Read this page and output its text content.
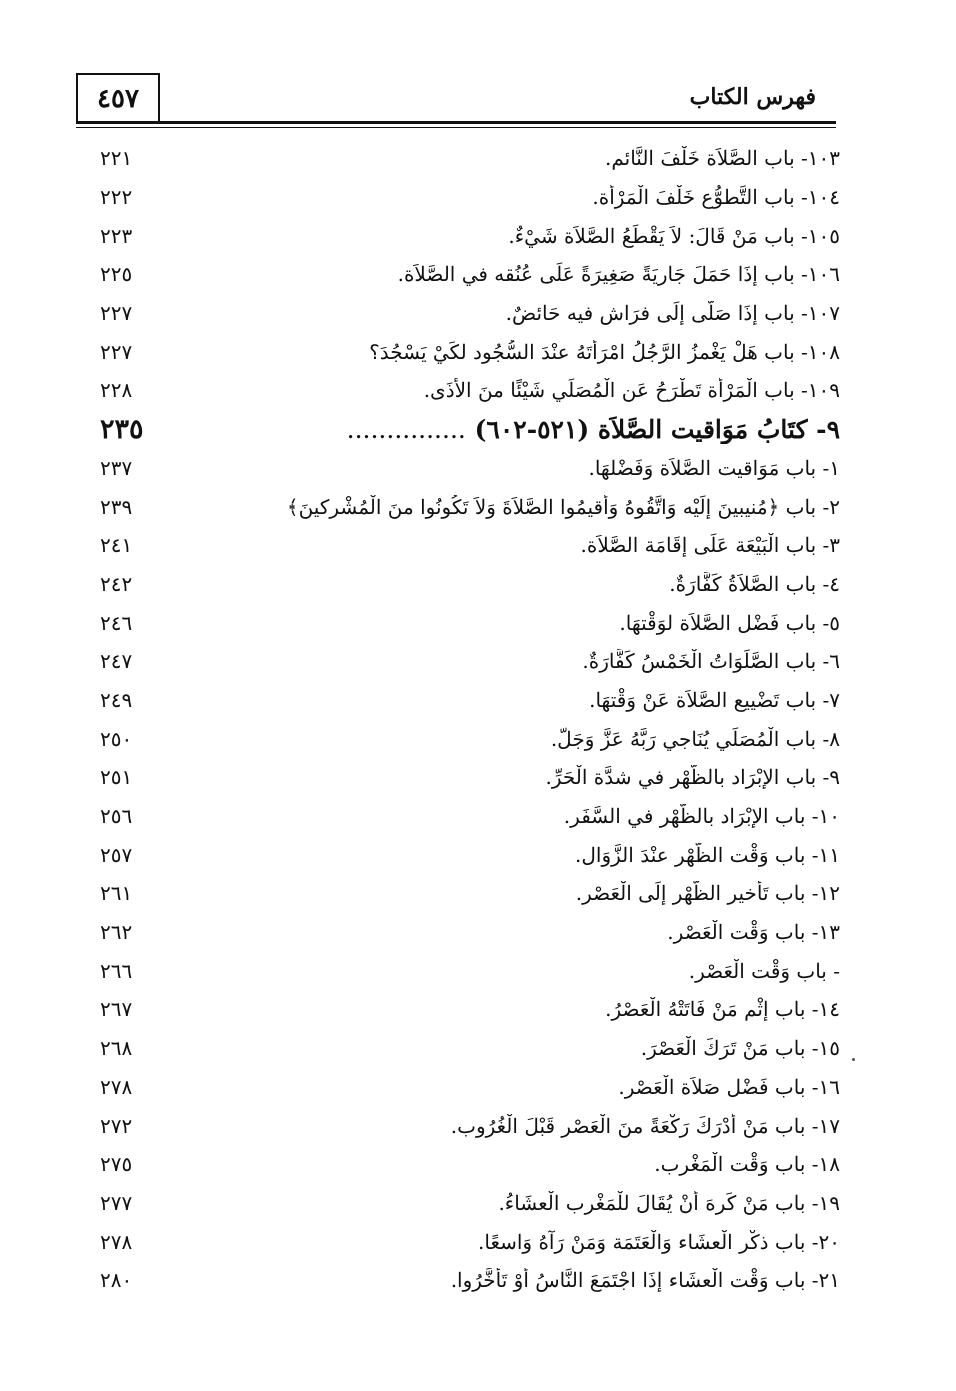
٤٥٧	فهرس الكتاب
٢٢١	١٠٣- باب الصَّلاَة خَلْفَ النَّائم.
٢٢٢	١٠٤- باب التَّطوُّع خَلْفَ الْمَرْأَة.
٢٢٣	١٠٥- باب مَنْ قَالَ: لاَ يَقْطَعُ الصَّلاَة شَيْءٌ.
٢٢٥	١٠٦- باب إذَا حَمَلَ جَارِيَةً صَغِيرَةً عَلَى عُنُقه في الصَّلاَة.
٢٢٧	١٠٧- باب إِذَا صَلَّى إِلَى فرَاش فيه حَائضٌ.
٢٢٧	١٠٨- باب هَلْ يَغْمزُ الرَّجُلُ امْرَأَتَهُ عنْدَ السُّجُود لكَيْ يَسْجُدَ؟
٢٢٨	١٠٩- باب الْمَرْأَة تَطْرَحُ عَنِ الْمُصَلِّي شَيْئًا منَ الأَذَى.
٢٣٥	٩- كتَابُ مَوَاقيت الصَّلاَة (٥٢١-٦٠٢) ...............
٢٣٧	١- باب مَوَاقيت الصَّلاَة وَفَضْلهَا.
٢٣٩	٢- باب ﴿مُنيبينَ إِلَيْه وَاتَّقُوهُ وَأَقيمُوا الصَّلاَةَ وَلاَ تَكُونُوا منَ الْمُشْركينَ﴾
٢٤١	٣- باب الْبَيْعَة عَلَى إقَامَة الصَّلاَة.
٢٤٢	٤- باب الصَّلاَةُ كَفَّارَةٌ.
٢٤٦	٥- باب فَضْل الصَّلاَة لوَقْتهَا.
٢٤٧	٦- باب الصَّلَوَاتُ الْخَمْسُ كَفَّارَةٌ.
٢٤٩	٧- باب تَضْييع الصَّلاَة عَنْ وَقْتهَا.
٢٥٠	٨- باب الْمُصَلِّي يُنَاجي رَبَّهُ عَزَّ وَجَلَّ.
٢٥١	٩- باب الإبْرَاد بالظُّهْر في شدَّة الْحَرِّ.
٢٥٦	١٠- باب الإبْرَاد بالظُّهْر في السَّفَر.
٢٥٧	١١- باب وَقْت الظُّهْر عنْدَ الزَّوَال.
٢٦١	١٢- باب تَأْخير الظُّهْر إِلَى الْعَصْر.
٢٦٢	١٣- باب وَقْت الْعَصْر.
٢٦٦	- باب وَقْت الْعَصْر.
٢٦٧	١٤- باب إِثْم مَنْ فَاتَتْهُ الْعَصْرُ.
٢٦٨	١٥- باب مَنْ تَرَكَ الْعَصْرَ.
٢٧٨	١٦- باب فَضْل صَلاَة الْعَصْر.
٢٧٢	١٧- باب مَنْ أَدْرَكَ رَكْعَةً منَ الْعَصْر قَبْلَ الْغُرُوب.
٢٧٥	١٨- باب وَقْت الْمَغْرب.
٢٧٧	١٩- باب مَنْ كَرهَ أَنْ يُقَالَ للْمَغْرب الْعشَاءُ.
٢٧٨	٢٠- باب ذكْر الْعشَاء وَالْعَتَمَة وَمَنْ رَآهُ وَاسعًا.
٢٨٠	٢١- باب وَقْت الْعشَاء إِذَا اجْتَمَعَ النَّاسُ أَوْ تَأَخَّرُوا.
